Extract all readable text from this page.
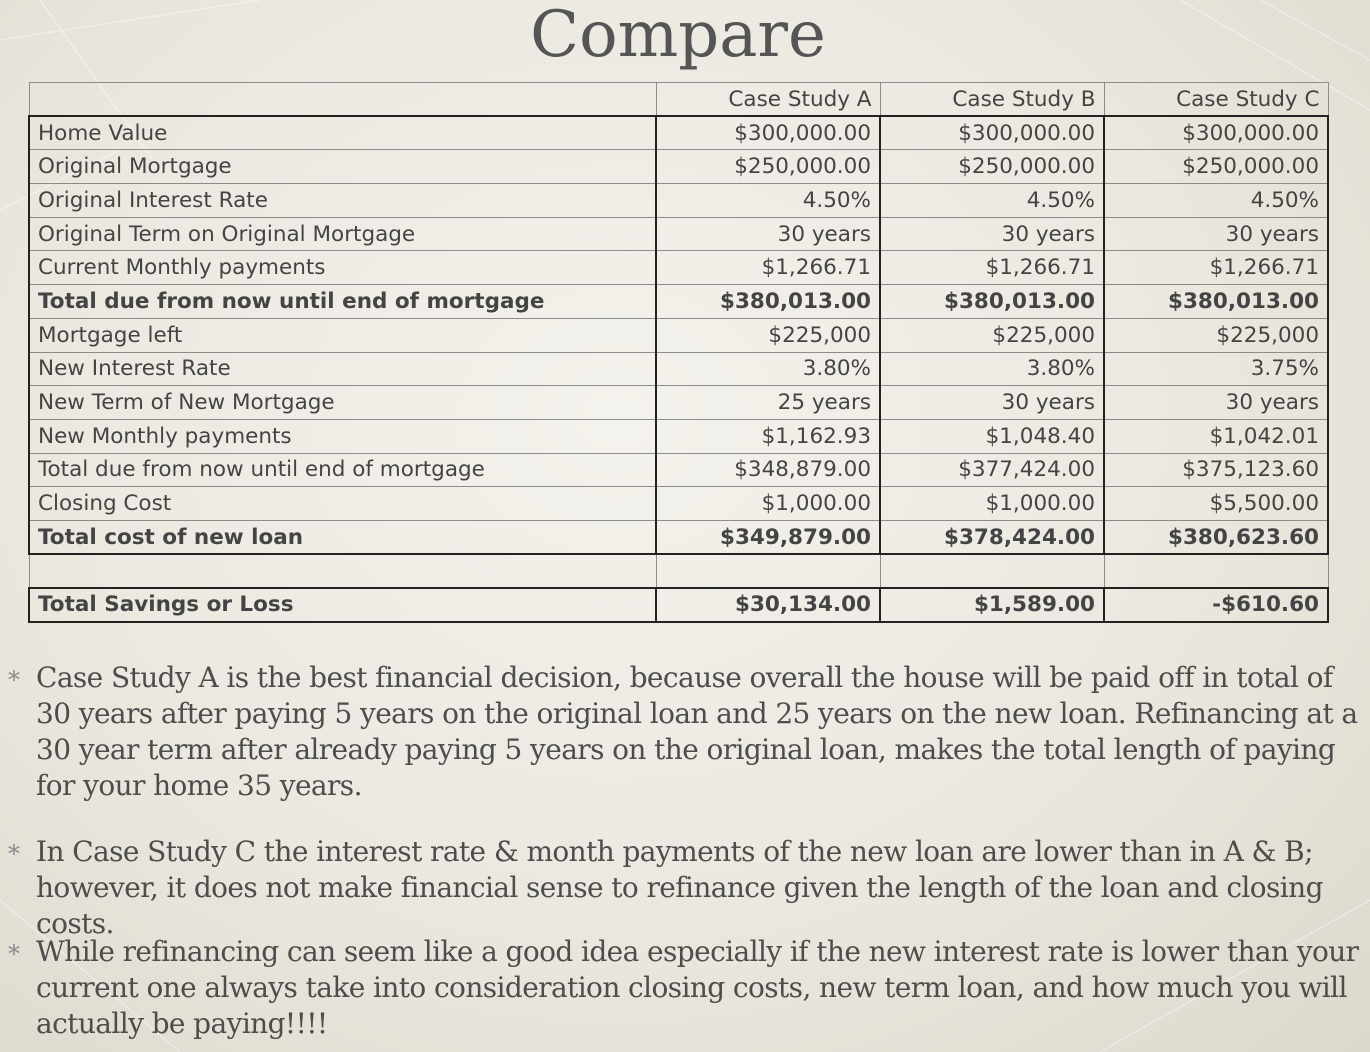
Compare
	Case Study A	Case Study B	Case Study C
Home Value	$300,000.00	$300,000.00	$300,000.00
Original Mortgage	$250,000.00	$250,000.00	$250,000.00
Original Interest Rate	4.50%	4.50%	4.50%
Original Term on Original Mortgage	30 years	30 years	30 years
Current Monthly payments	$1,266.71	$1,266.71	$1,266.71
Total due from now until end of mortgage	$380,013.00	$380,013.00	$380,013.00
Mortgage left	$225,000	$225,000	$225,000
New Interest Rate	3.80%	3.80%	3.75%
New Term of New Mortgage	25 years	30 years	30 years
New Monthly payments	$1,162.93	$1,048.40	$1,042.01
Total due from now until end of mortgage	$348,879.00	$377,424.00	$375,123.60
Closing Cost	$1,000.00	$1,000.00	$5,500.00
Total cost of new loan	$349,879.00	$378,424.00	$380,623.60

Total Savings or Loss	$30,134.00	$1,589.00	-$610.60
* Case Study A is the best financial decision, because overall the house will be paid off in total of 30 years after paying 5 years on the original loan and 25 years on the new loan. Refinancing at a 30 year term after already paying 5 years on the original loan, makes the total length of paying for your home 35 years.
* In Case Study C the interest rate & month payments of the new loan are lower than in A & B; however, it does not make financial sense to refinance given the length of the loan and closing costs.
* While refinancing can seem like a good idea especially if the new interest rate is lower than your current one always take into consideration closing costs, new term loan, and how much you will actually be paying!!!!
